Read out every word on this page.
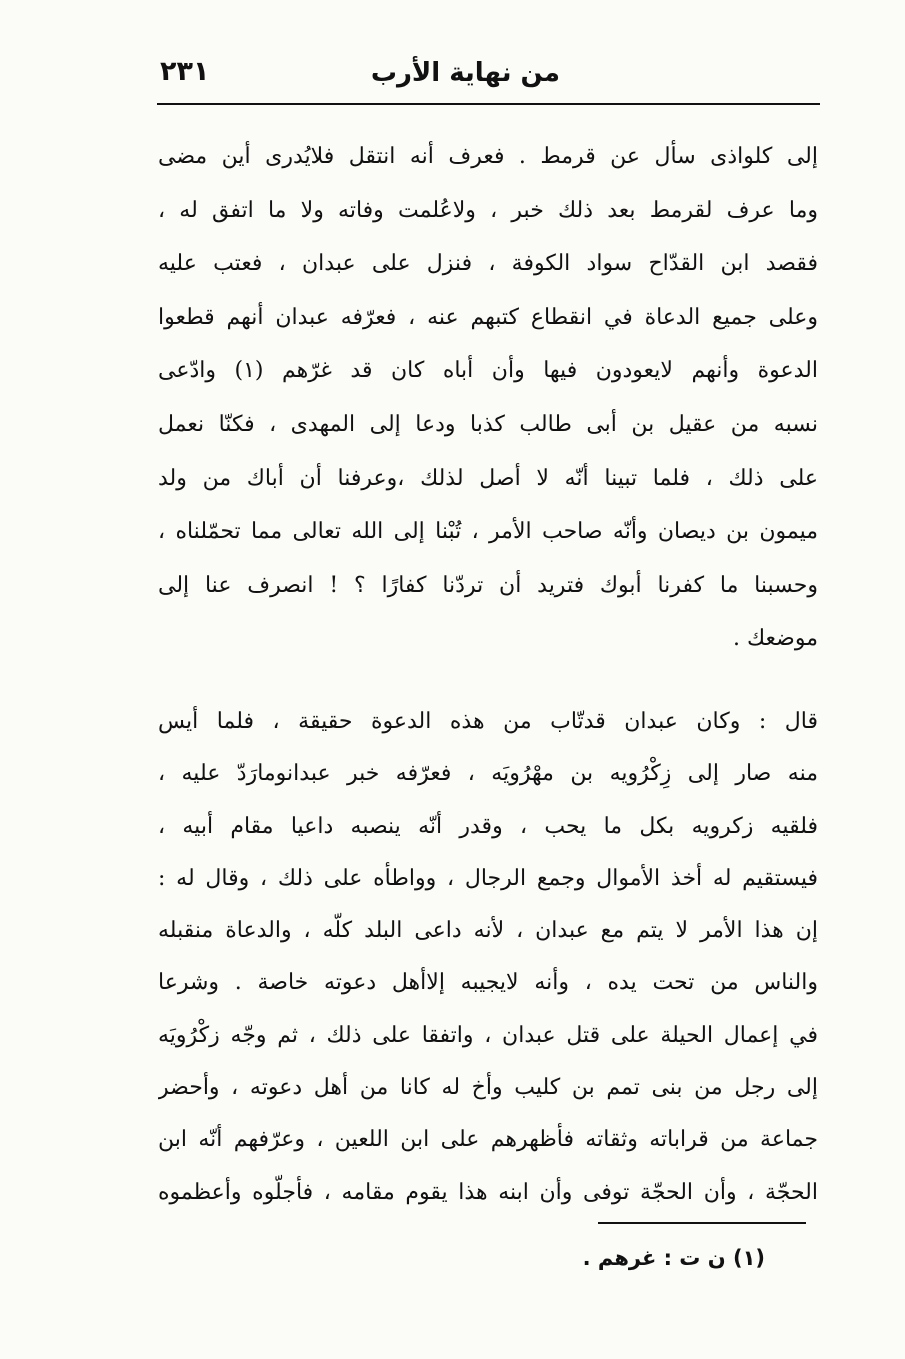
من نهاية الأرب
٢٣١
إلى كلواذى سأل عن قرمط . فعرف أنه انتقل فلايُدرى أين مضى
وما عرف لقرمط بعد ذلك خبر ، ولاعُلمت وفاته ولا ما اتفق له ،
فقصد ابن القدّاح سواد الكوفة ، فنزل على عبدان ، فعتب عليه
وعلى جميع الدعاة في انقطاع كتبهم عنه ، فعرّفه عبدان أنهم قطعوا
الدعوة وأنهم لايعودون فيها وأن أباه كان قد غرّهم (١) وادّعى
نسبه من عقيل بن أبى طالب كذبا ودعا إلى المهدى ، فكنّا نعمل
على ذلك ، فلما تبينا أنّه لا أصل لذلك ،وعرفنا أن أباك من ولد
ميمون بن ديصان وأنّه صاحب الأمر ، تُبْنا إلى الله تعالى مما تحمّلناه ،
وحسبنا ما كفرنا أبوك فتريد أن تردّنا كفارًا ؟ ! انصرف عنا إلى
موضعك .
قال : وكان عبدان قدتّاب من هذه الدعوة حقيقة ، فلما أيس
منه صار إلى زِكْرُويه بن مهْرُويَه ، فعرّفه خبر عبدانومارَدّ عليه ،
فلقيه زكرويه بكل ما يحب ، وقدر أنّه ينصبه داعيا مقام أبيه ،
فيستقيم له أخذ الأموال وجمع الرجال ، وواطأه على ذلك ، وقال له :
إن هذا الأمر لا يتم مع عبدان ، لأنه داعى البلد كلّه ، والدعاة منقبله
والناس من تحت يده ، وأنه لايجيبه إلاأهل دعوته خاصة . وشرعا
في إعمال الحيلة على قتل عبدان ، واتفقا على ذلك ، ثم وجّه زكْرُويَه
إلى رجل من بنى تمم بن كليب وأخ له كانا من أهل دعوته ، وأحضر
جماعة من قراباته وثقاته فأظهرهم على ابن اللعين ، وعرّفهم أنّه ابن
الحجّة ، وأن الحجّة توفى وأن ابنه هذا يقوم مقامه ، فأجلّوه وأعظموه
(١) ن ت : غرهم .
